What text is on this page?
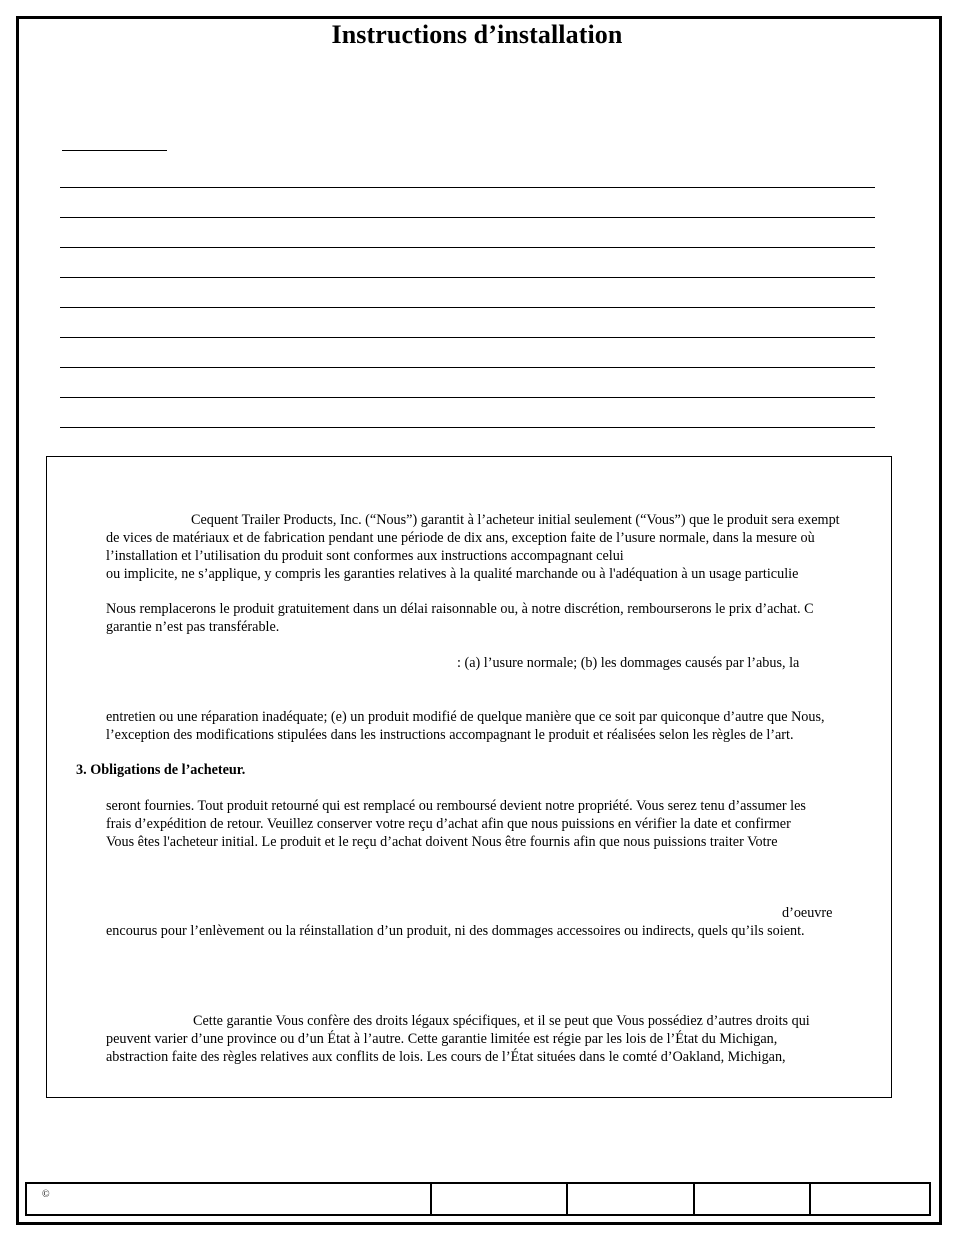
Instructions d’installation
Cequent Trailer Products, Inc. (“Nous”) garantit à l’acheteur initial seulement (“Vous”) que le produit sera exempt
de vices de matériaux et de fabrication pendant une période de dix ans, exception faite de l’usure normale, dans la mesure où
l’installation et l’utilisation du produit sont conformes aux instructions accompagnant celui
ou implicite, ne s’applique, y compris les garanties relatives à la qualité marchande ou à l'adéquation à un usage particulie
Nous remplacerons le produit gratuitement dans un délai raisonnable ou, à notre discrétion, rembourserons le prix d’achat. C
garantie n’est pas transférable.
: (a) l’usure normale; (b) les dommages causés par l’abus, la
entretien ou une réparation inadéquate; (e) un produit modifié de quelque manière que ce soit par quiconque d’autre que Nous,
l’exception des modifications stipulées dans les instructions accompagnant le produit et réalisées selon les règles de l’art.
3. Obligations de l’acheteur.
seront fournies. Tout produit retourné qui est remplacé ou remboursé devient notre propriété. Vous serez tenu d’assumer les
frais d’expédition de retour. Veuillez conserver votre reçu d’achat afin que nous puissions en vérifier la date et confirmer
Vous êtes l'acheteur initial. Le produit et le reçu d’achat doivent Nous être fournis afin que nous puissions traiter Votre
d’oeuvre
encourus pour l’enlèvement ou la réinstallation d’un produit, ni des dommages accessoires ou indirects, quels qu’ils soient.
Cette garantie Vous confère des droits légaux spécifiques, et il se peut que Vous possédiez d’autres droits qui
peuvent varier d’une province ou d’un État à l’autre. Cette garantie limitée est régie par les lois de l’État du Michigan,
abstraction faite des règles relatives aux conflits de lois. Les cours de l’État situées dans le comté d’Oakland, Michigan,
©
